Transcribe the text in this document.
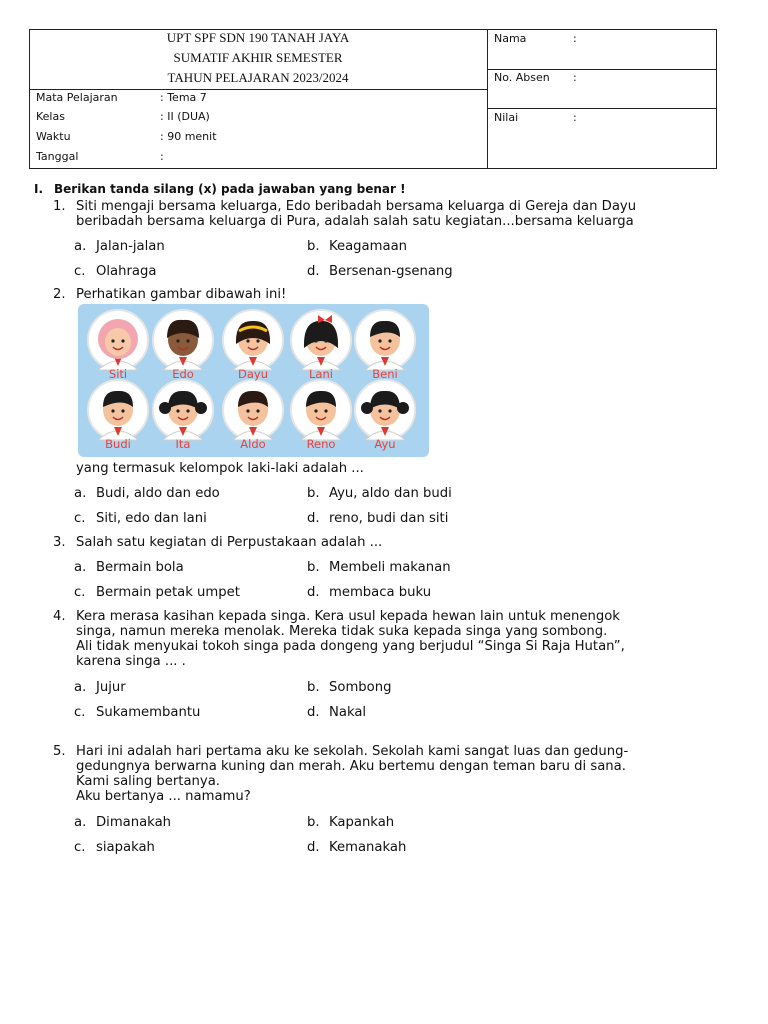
UPT SPF SDN 190 TANAH JAYA
SUMATIF AKHIR SEMESTER
TAHUN PELAJARAN 2023/2024
Mata Pelajaran	: Tema 7
Kelas	: II (DUA)
Waktu	: 90 menit
Tanggal	:
Nama	:
No. Absen :
Nilai	:
I. Berikan tanda silang (x) pada jawaban yang benar !
1. Siti mengaji bersama keluarga, Edo beribadah bersama keluarga di Gereja dan Dayu
beribadah bersama keluarga di Pura, adalah salah satu kegiatan...bersama keluarga
a. Jalan-jalan	b. Keagamaan
c. Olahraga	d. Bersenan-gsenang
2. Perhatikan gambar dibawah ini!
Siti	Edo	Dayu	Lani	Beni
Budi	Ita	Aldo	Reno	Ayu
yang termasuk kelompok laki-laki adalah ...
a. Budi, aldo dan edo	b. Ayu, aldo dan budi
c. Siti, edo dan lani	d. reno, budi dan siti
3. Salah satu kegiatan di Perpustakaan adalah ...
a. Bermain bola	b. Membeli makanan
c. Bermain petak umpet	d. membaca buku
4. Kera merasa kasihan kepada singa. Kera usul kepada hewan lain untuk menengok
singa, namun mereka menolak. Mereka tidak suka kepada singa yang sombong.
Ali tidak menyukai tokoh singa pada dongeng yang berjudul “Singa Si Raja Hutan”,
karena singa ... .
a. Jujur	b. Sombong
c. Sukamembantu	d. Nakal
5. Hari ini adalah hari pertama aku ke sekolah. Sekolah kami sangat luas dan gedung-
gedungnya berwarna kuning dan merah. Aku bertemu dengan teman baru di sana.
Kami saling bertanya.
Aku bertanya ... namamu?
a. Dimanakah	b. Kapankah
c. siapakah	d. Kemanakah
